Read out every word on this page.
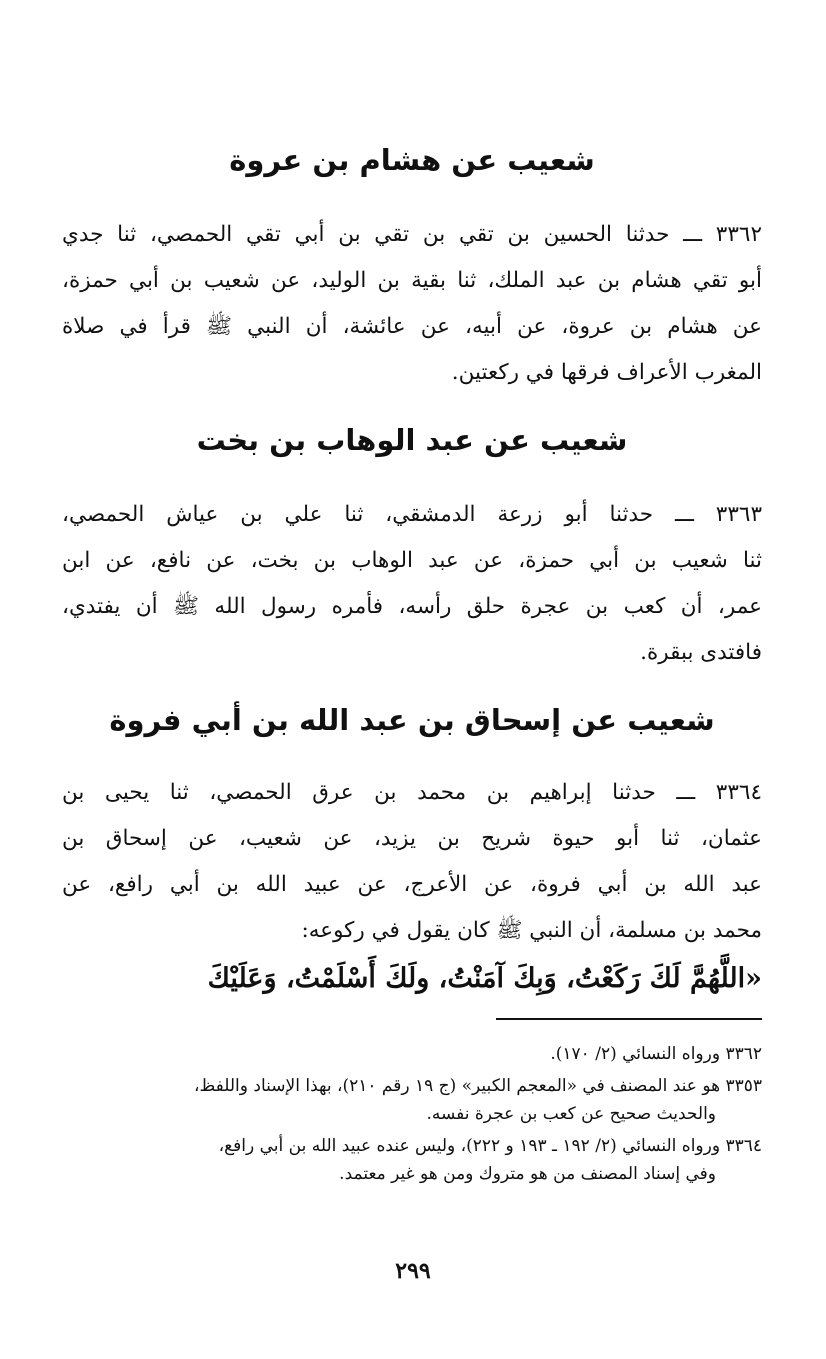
شعيب عن هشام بن عروة
٣٣٦٢ ـــ حدثنا الحسين بن تقي بن تقي بن أبي تقي الحمصي، ثنا جدي
أبو تقي هشام بن عبد الملك، ثنا بقية بن الوليد، عن شعيب بن أبي حمزة،
عن هشام بن عروة، عن أبيه، عن عائشة، أن النبي ﷺ قرأ في صلاة
المغرب الأعراف فرقها في ركعتين.
شعيب عن عبد الوهاب بن بخت
٣٣٦٣ ـــ حدثنا أبو زرعة الدمشقي، ثنا علي بن عياش الحمصي،
ثنا شعيب بن أبي حمزة، عن عبد الوهاب بن بخت، عن نافع، عن ابن
عمر، أن كعب بن عجرة حلق رأسه، فأمره رسول الله ﷺ أن يفتدي،
فافتدى ببقرة.
شعيب عن إسحاق بن عبد الله بن أبي فروة
٣٣٦٤ ـــ حدثنا إبراهيم بن محمد بن عرق الحمصي، ثنا يحيى بن
عثمان، ثنا أبو حيوة شريح بن يزيد، عن شعيب، عن إسحاق بن
عبد الله بن أبي فروة، عن الأعرج، عن عبيد الله بن أبي رافع، عن
محمد بن مسلمة، أن النبي ﷺ كان يقول في ركوعه:
«اللَّهُمَّ لَكَ رَكَعْتُ، وَبِكَ آمَنْتُ، ولَكَ أَسْلَمْتُ، وَعَلَيْكَ
٣٣٦٢ ورواه النسائي (٢/ ١٧٠).
٣٣٥٣ هو عند المصنف في «المعجم الكبير» (ج ١٩ رقم ٢١٠)، بهذا الإسناد واللفظ،
والحديث صحيح عن كعب بن عجرة نفسه.
٣٣٦٤ ورواه النسائي (٢/ ١٩٢ ـ ١٩٣ و ٢٢٢)، وليس عنده عبيد الله بن أبي رافع،
وفي إسناد المصنف من هو متروك ومن هو غير معتمد.
٢٩٩
